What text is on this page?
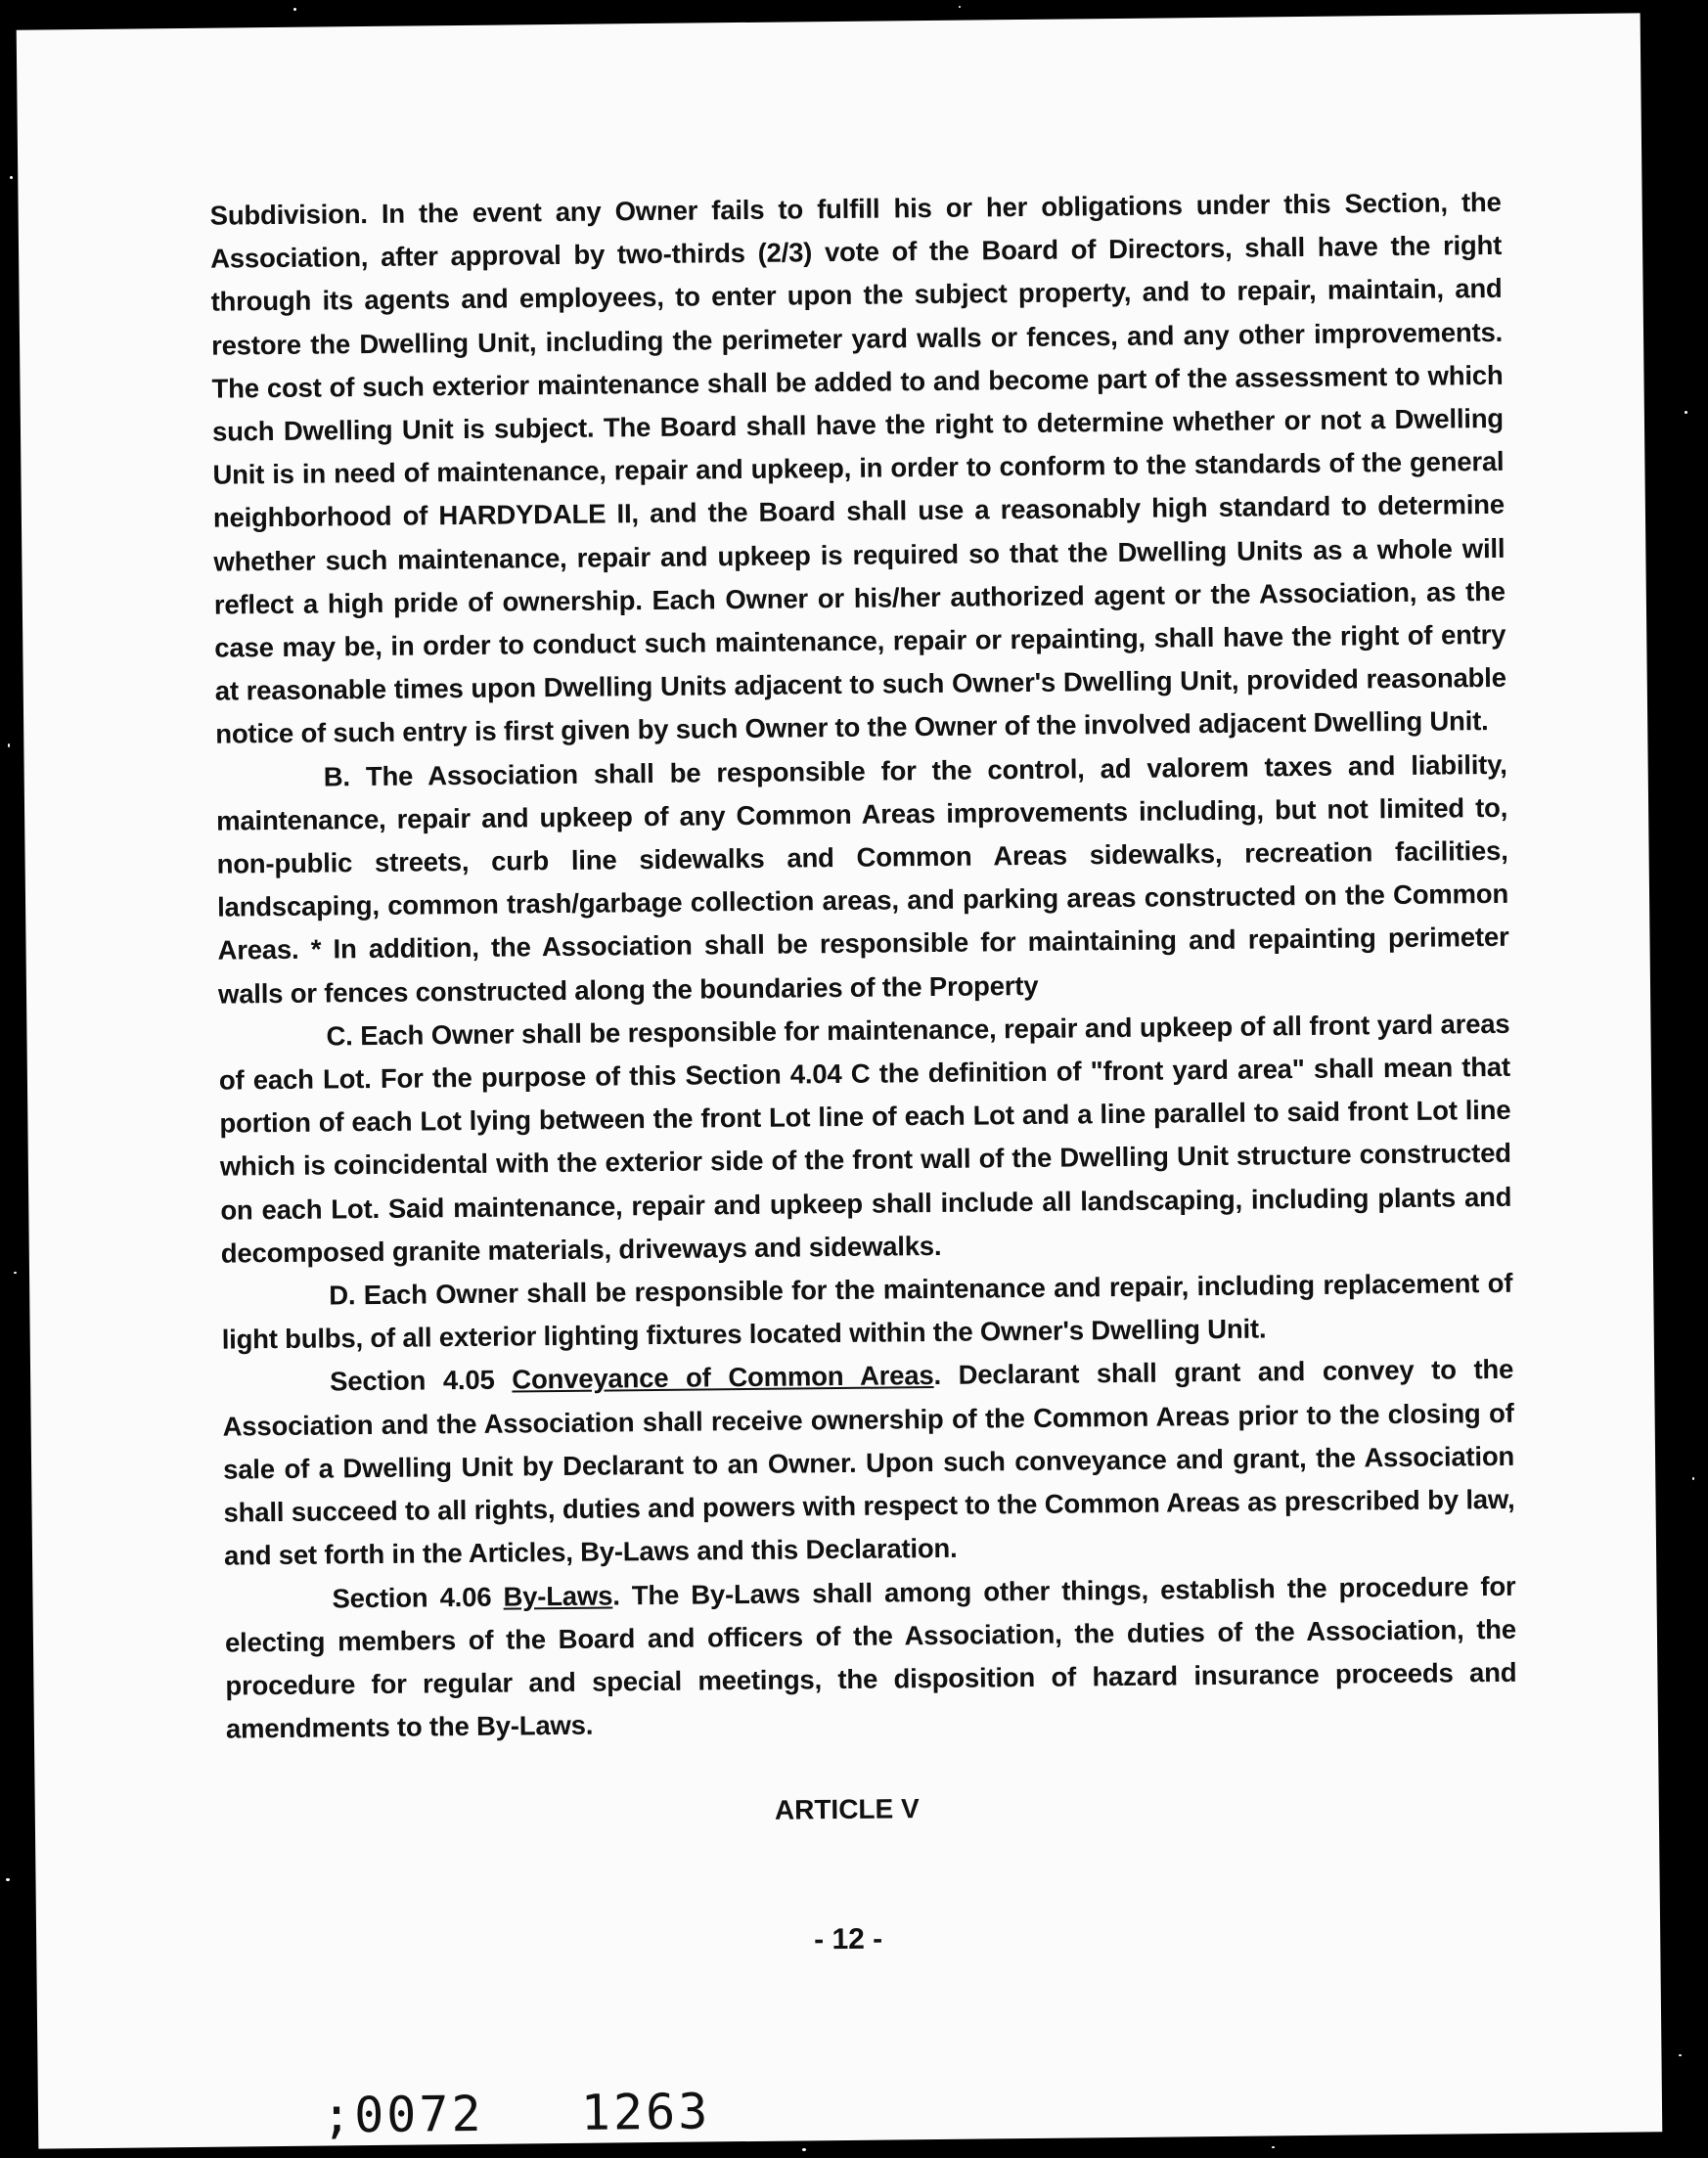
Subdivision. In the event any Owner fails to fulfill his or her obligations under this Section, the Association, after approval by two-thirds (2/3) vote of the Board of Directors, shall have the right through its agents and employees, to enter upon the subject property, and to repair, maintain, and restore the Dwelling Unit, including the perimeter yard walls or fences, and any other improvements. The cost of such exterior maintenance shall be added to and become part of the assessment to which such Dwelling Unit is subject. The Board shall have the right to determine whether or not a Dwelling Unit is in need of maintenance, repair and upkeep, in order to conform to the standards of the general neighborhood of HARDYDALE II, and the Board shall use a reasonably high standard to determine whether such maintenance, repair and upkeep is required so that the Dwelling Units as a whole will reflect a high pride of ownership. Each Owner or his/her authorized agent or the Association, as the case may be, in order to conduct such maintenance, repair or repainting, shall have the right of entry at reasonable times upon Dwelling Units adjacent to such Owner's Dwelling Unit, provided reasonable notice of such entry is first given by such Owner to the Owner of the involved adjacent Dwelling Unit.

B. The Association shall be responsible for the control, ad valorem taxes and liability, maintenance, repair and upkeep of any Common Areas improvements including, but not limited to, non-public streets, curb line sidewalks and Common Areas sidewalks, recreation facilities, landscaping, common trash/garbage collection areas, and parking areas constructed on the Common Areas. * In addition, the Association shall be responsible for maintaining and repainting perimeter walls or fences constructed along the boundaries of the Property

C. Each Owner shall be responsible for maintenance, repair and upkeep of all front yard areas of each Lot. For the purpose of this Section 4.04 C the definition of "front yard area" shall mean that portion of each Lot lying between the front Lot line of each Lot and a line parallel to said front Lot line which is coincidental with the exterior side of the front wall of the Dwelling Unit structure constructed on each Lot. Said maintenance, repair and upkeep shall include all landscaping, including plants and decomposed granite materials, driveways and sidewalks.

D. Each Owner shall be responsible for the maintenance and repair, including replacement of light bulbs, of all exterior lighting fixtures located within the Owner's Dwelling Unit.

Section 4.05 Conveyance of Common Areas. Declarant shall grant and convey to the Association and the Association shall receive ownership of the Common Areas prior to the closing of sale of a Dwelling Unit by Declarant to an Owner. Upon such conveyance and grant, the Association shall succeed to all rights, duties and powers with respect to the Common Areas as prescribed by law, and set forth in the Articles, By-Laws and this Declaration.

Section 4.06 By-Laws. The By-Laws shall among other things, establish the procedure for electing members of the Board and officers of the Association, the duties of the Association, the procedure for regular and special meetings, the disposition of hazard insurance proceeds and amendments to the By-Laws.

ARTICLE V
- 12 -
;0072   1263
